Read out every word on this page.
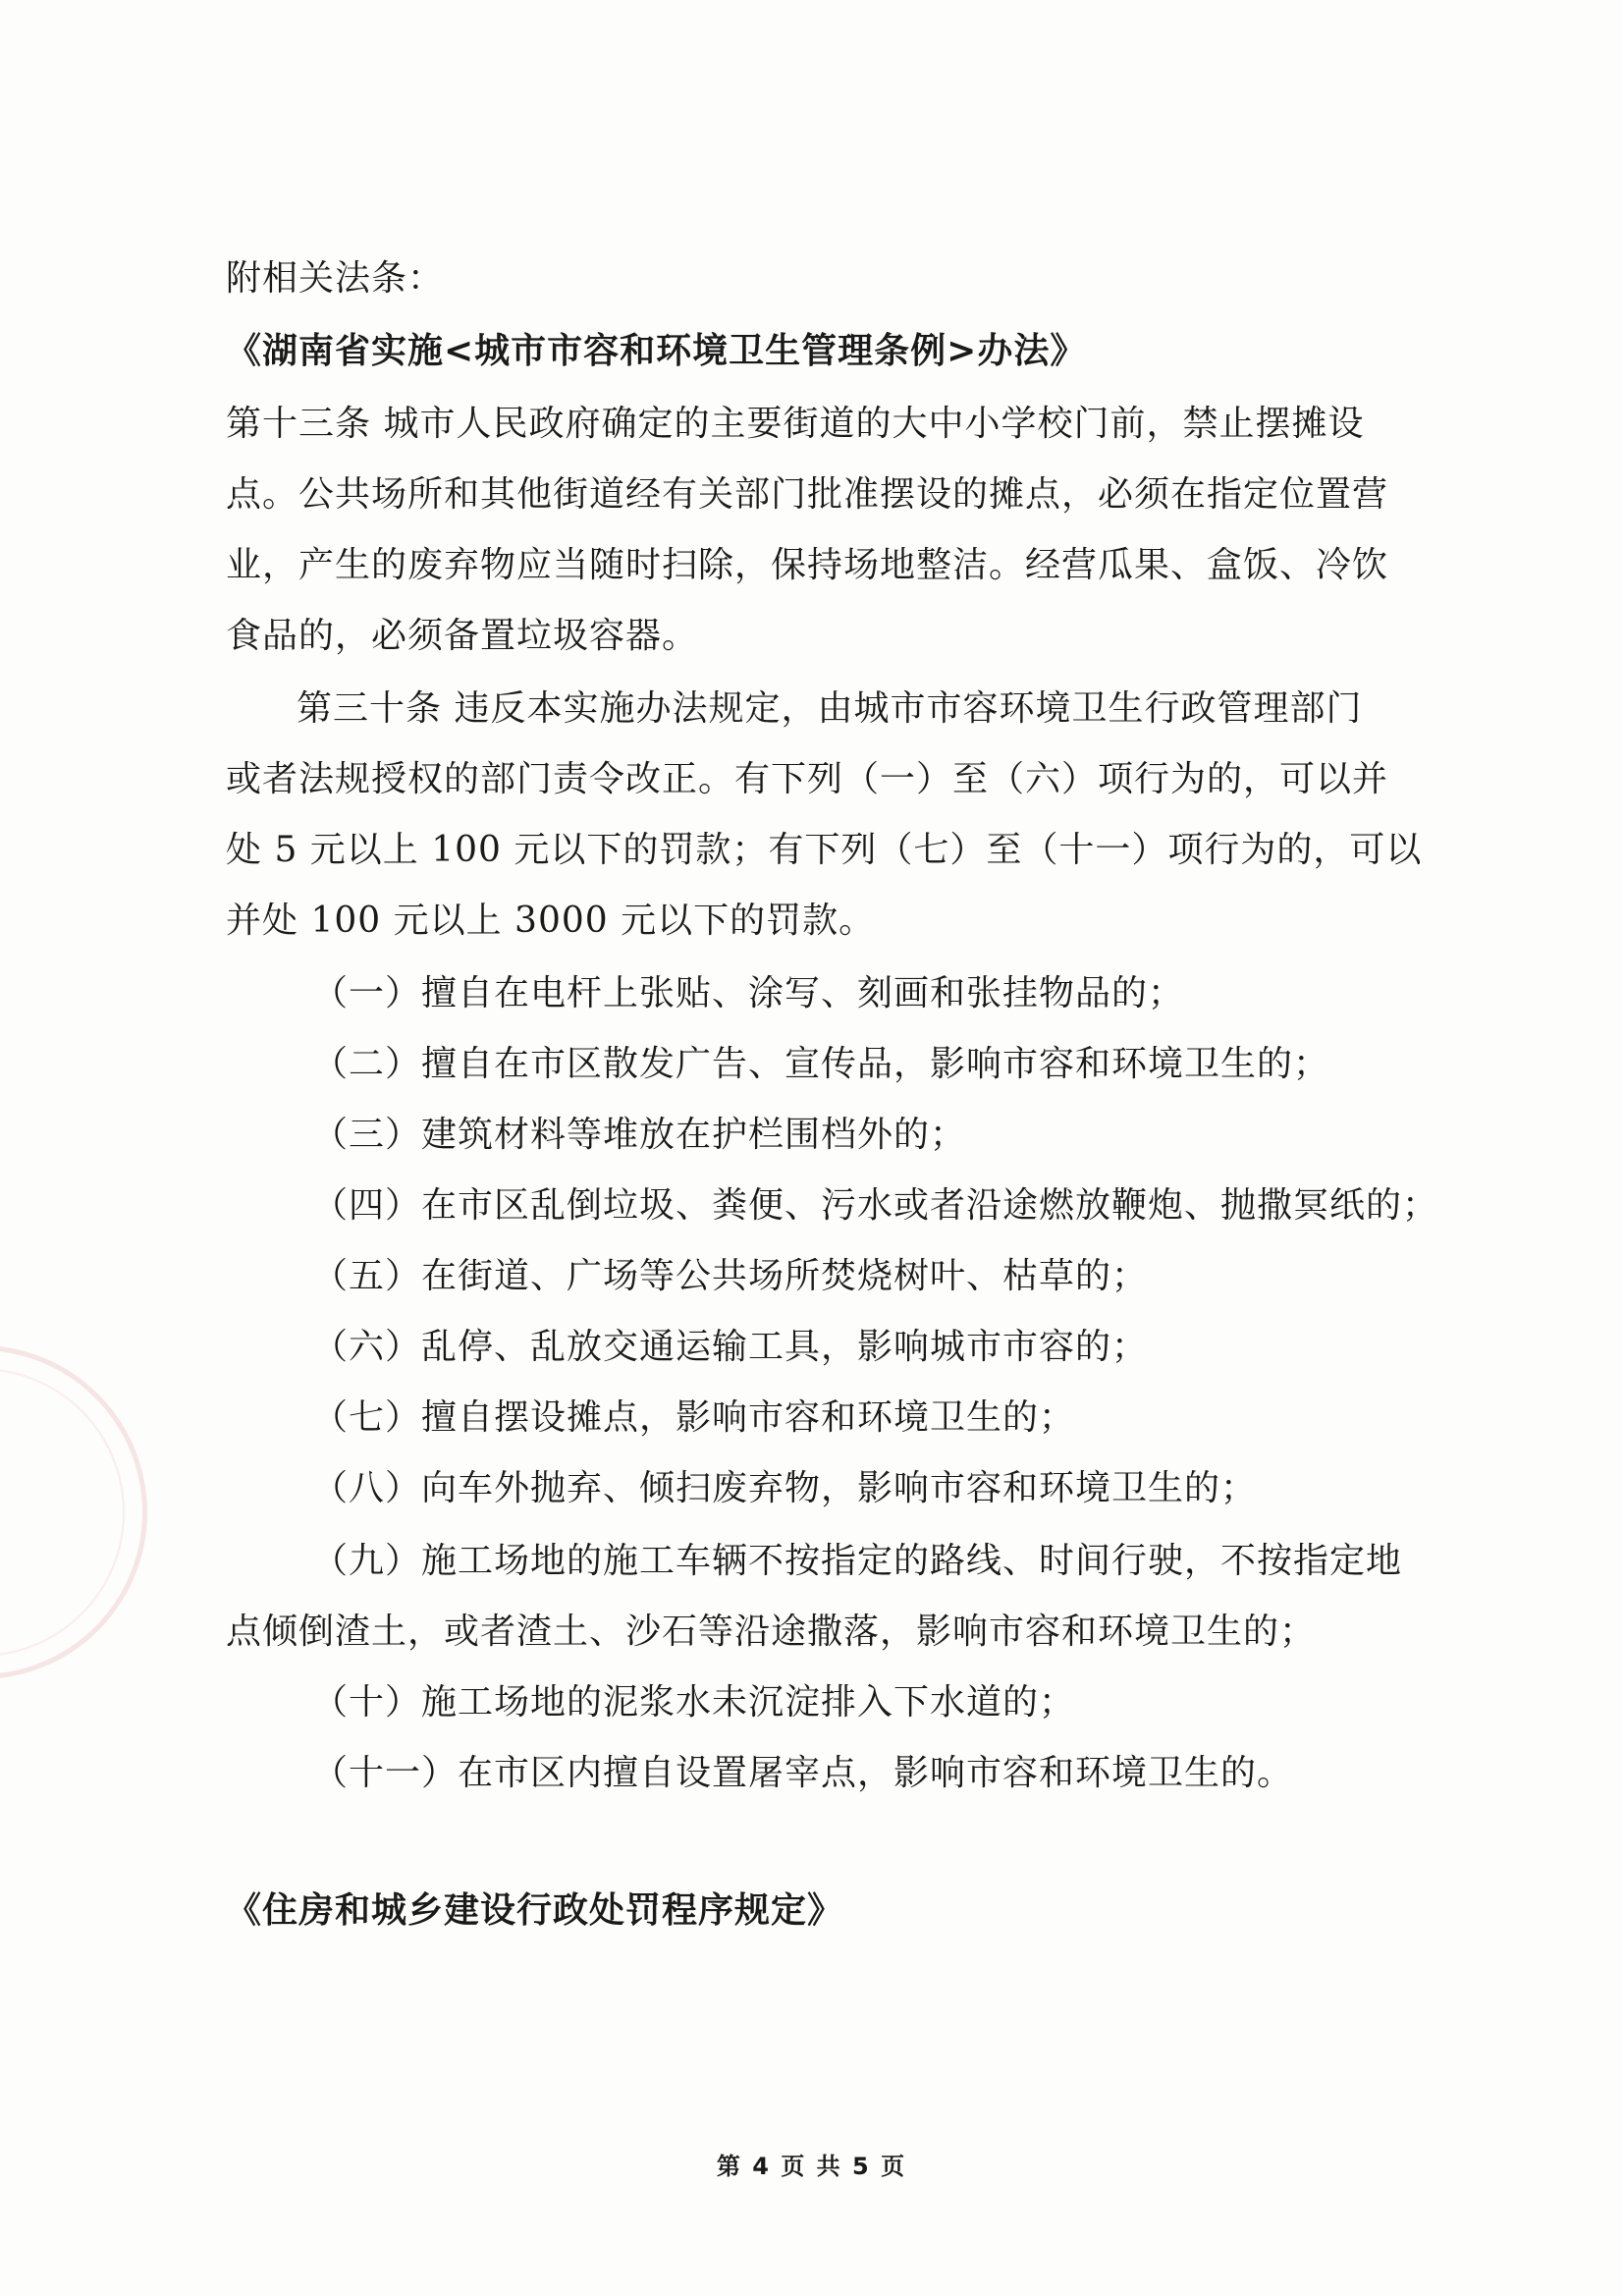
附相关法条：
《湖南省实施<城市市容和环境卫生管理条例>办法》
第十三条 城市人民政府确定的主要街道的大中小学校门前，禁止摆摊设
点。公共场所和其他街道经有关部门批准摆设的摊点，必须在指定位置营
业，产生的废弃物应当随时扫除，保持场地整洁。经营瓜果、盒饭、冷饮
食品的，必须备置垃圾容器。
第三十条 违反本实施办法规定，由城市市容环境卫生行政管理部门
或者法规授权的部门责令改正。有下列（一）至（六）项行为的，可以并
处 5 元以上 100 元以下的罚款；有下列（七）至（十一）项行为的，可以
并处 100 元以上 3000 元以下的罚款。
（一）擅自在电杆上张贴、涂写、刻画和张挂物品的；
（二）擅自在市区散发广告、宣传品，影响市容和环境卫生的；
（三）建筑材料等堆放在护栏围档外的；
（四）在市区乱倒垃圾、粪便、污水或者沿途燃放鞭炮、抛撒冥纸的；
（五）在街道、广场等公共场所焚烧树叶、枯草的；
（六）乱停、乱放交通运输工具，影响城市市容的；
（七）擅自摆设摊点，影响市容和环境卫生的；
（八）向车外抛弃、倾扫废弃物，影响市容和环境卫生的；
（九）施工场地的施工车辆不按指定的路线、时间行驶，不按指定地
点倾倒渣土，或者渣土、沙石等沿途撒落，影响市容和环境卫生的；
（十）施工场地的泥浆水未沉淀排入下水道的；
（十一）在市区内擅自设置屠宰点，影响市容和环境卫生的。
《住房和城乡建设行政处罚程序规定》
第 4 页 共 5 页
